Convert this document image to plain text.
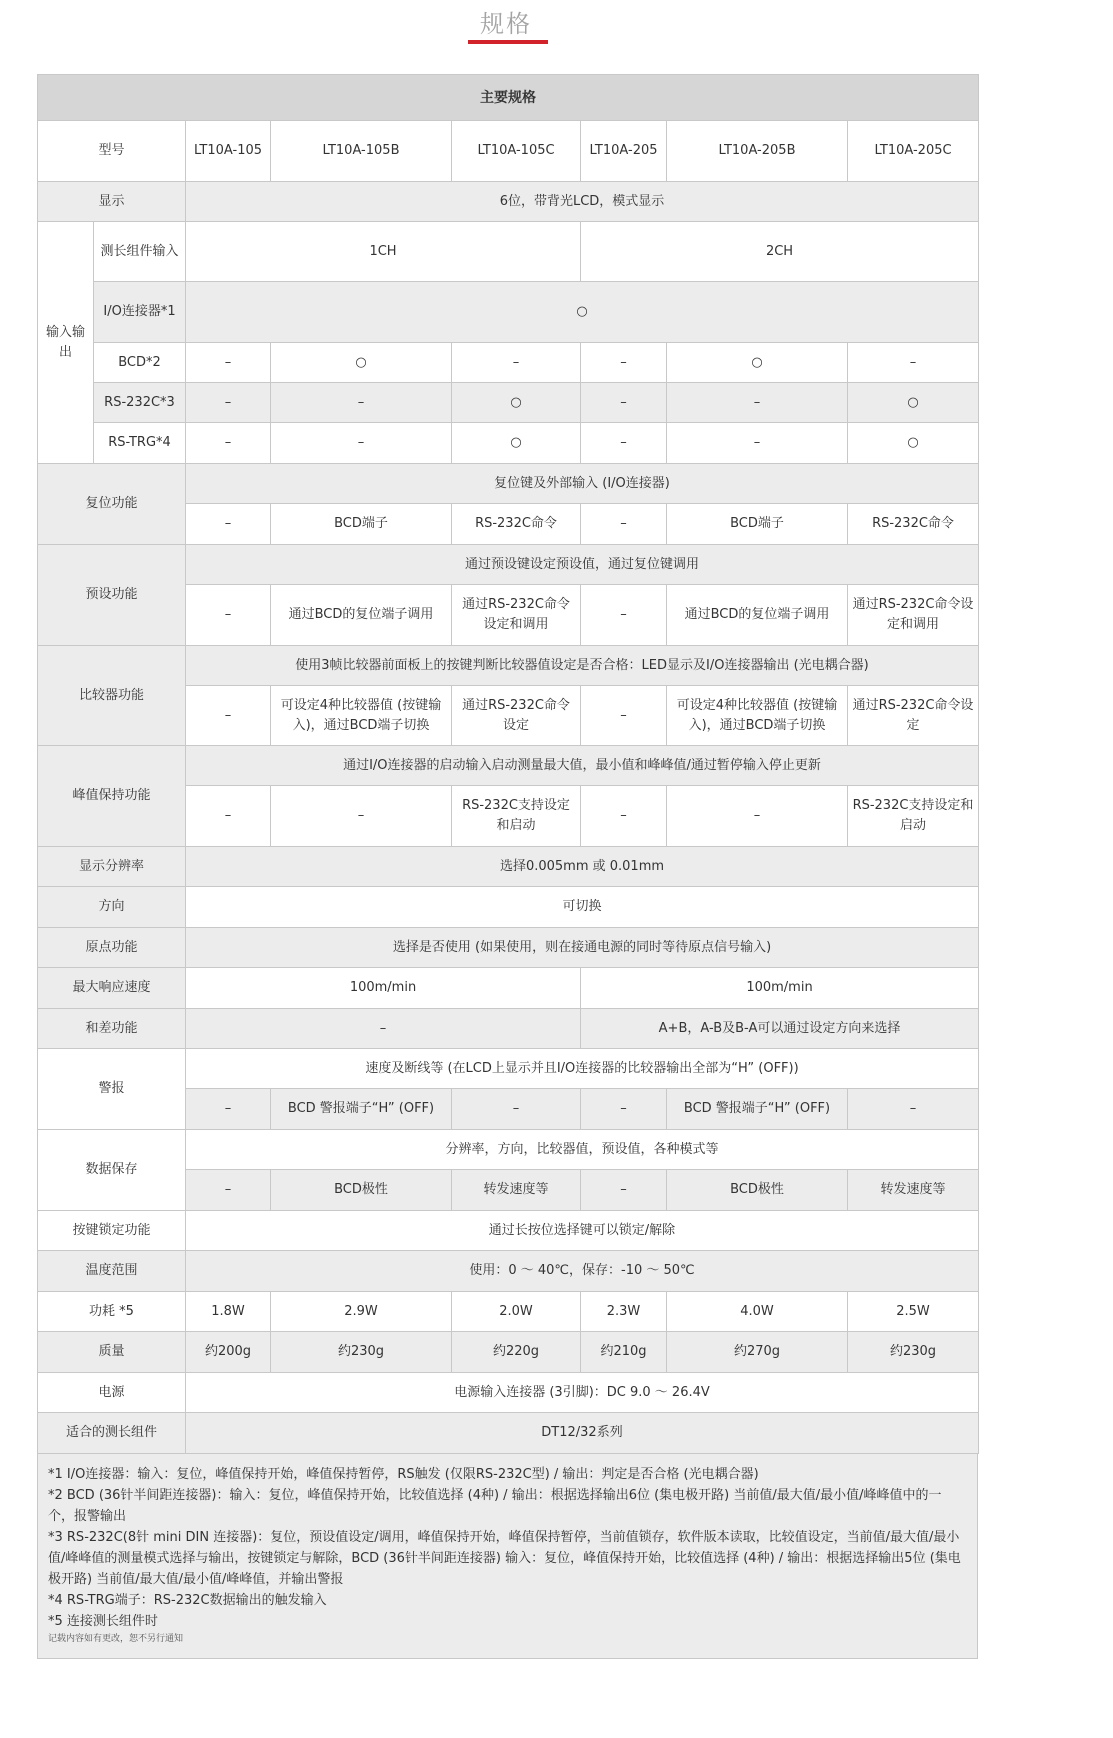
规格
主要规格							
型号		LT10A-105	LT10A-105B	LT10A-105C	LT10A-205	LT10A-205B	LT10A-205C
显示		6位，带背光LCD，模式显示					
输入输出	测长组件输入	1CH			2CH		
	I/O连接器*1	○					
	BCD*2	–	○	–	–	○	–
	RS-232C*3	–	–	○	–	–	○
	RS-TRG*4	–	–	○	–	–	○
复位功能		复位键及外部输入 (I/O连接器)					
		–	BCD端子	RS-232C命令	–	BCD端子	RS-232C命令
预设功能		通过预设键设定预设值，通过复位键调用					
		–	通过BCD的复位端子调用	通过RS-232C命令设定和调用	–	通过BCD的复位端子调用	通过RS-232C命令设定和调用
比较器功能		使用3帧比较器前面板上的按键判断比较器值设定是否合格：LED显示及I/O连接器输出 (光电耦合器)					
		–	可设定4种比较器值 (按键输入)，通过BCD端子切换	通过RS-232C命令设定	–	可设定4种比较器值 (按键输入)，通过BCD端子切换	通过RS-232C命令设定
峰值保持功能		通过I/O连接器的启动输入启动测量最大值，最小值和峰峰值/通过暂停输入停止更新					
		–	–	RS-232C支持设定和启动	–	–	RS-232C支持设定和启动
显示分辨率		选择0.005mm 或 0.01mm					
方向		可切换					
原点功能		选择是否使用 (如果使用，则在接通电源的同时等待原点信号输入)					
最大响应速度		100m/min			100m/min		
和差功能		–			A+B，A-B及B-A可以通过设定方向来选择		
警报		速度及断线等 (在LCD上显示并且I/O连接器的比较器输出全部为“H” (OFF))					
		–	BCD 警报端子“H” (OFF)	–	–	BCD 警报端子“H” (OFF)	–
数据保存		分辨率，方向，比较器值，预设值，各种模式等					
		–	BCD极性	转发速度等	–	BCD极性	转发速度等
按键锁定功能		通过长按位选择键可以锁定/解除					
温度范围		使用：0 ～ 40℃，保存：-10 ～ 50℃					
功耗 *5		1.8W	2.9W	2.0W	2.3W	4.0W	2.5W
质量		约200g	约230g	约220g	约210g	约270g	约230g
电源		电源输入连接器 (3引脚)：DC 9.0 ～ 26.4V					
适合的测长组件		DT12/32系列					
*1 I/O连接器：输入：复位，峰值保持开始，峰值保持暂停，RS触发 (仅限RS-232C型) / 输出：判定是否合格 (光电耦合器)
*2 BCD (36针半间距连接器)：输入：复位，峰值保持开始，比较值选择 (4种) / 输出：根据选择输出6位 (集电极开路) 当前值/最大值/最小值/峰峰值中的一个，报警输出
*3 RS-232C(8针 mini DIN 连接器)：复位，预设值设定/调用，峰值保持开始，峰值保持暂停，当前值锁存，软件版本读取，比较值设定，当前值/最大值/最小值/峰峰值的测量模式选择与输出，按键锁定与解除，BCD (36针半间距连接器) 输入：复位，峰值保持开始，比较值选择 (4种) / 输出：根据选择输出5位 (集电极开路) 当前值/最大值/最小值/峰峰值，并输出警报
*4 RS-TRG端子：RS-232C数据输出的触发输入
*5 连接测长组件时
记载内容如有更改，恕不另行通知
